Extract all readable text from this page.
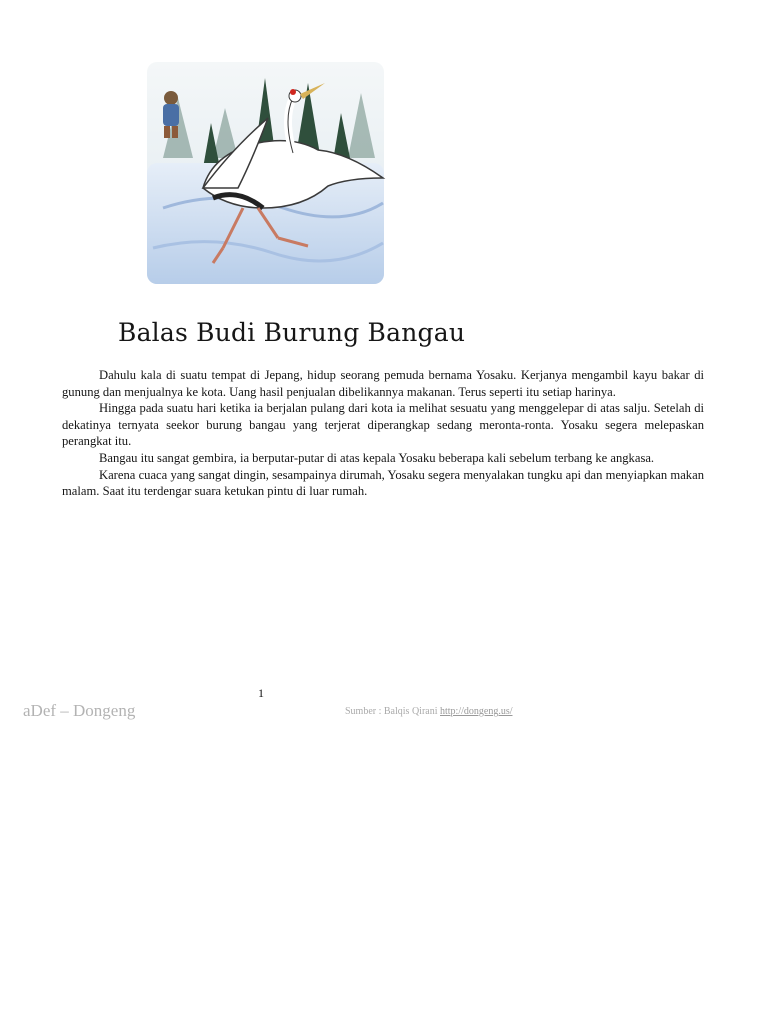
Balas Budi Burung Bangau

Dahulu kala di suatu tempat di Jepang, hidup seorang pemuda bernama Yosaku. Kerjanya mengambil kayu bakar di gunung dan menjualnya ke kota. Uang hasil penjualan dibelikannya makanan. Terus seperti itu setiap harinya.

Hingga pada suatu hari ketika ia berjalan pulang dari kota ia melihat sesuatu yang menggelepar di atas salju. Setelah di dekatinya ternyata seekor burung bangau yang terjerat diperangkap sedang meronta-ronta. Yosaku segera melepaskan perangkat itu.

Bangau itu sangat gembira, ia berputar-putar di atas kepala Yosaku beberapa kali sebelum terbang ke angkasa.

Karena cuaca yang sangat dingin, sesampainya dirumah, Yosaku segera menyalakan tungku api dan menyiapkan makan malam. Saat itu terdengar suara ketukan pintu di luar rumah.

1
aDef – Dongeng	Sumber : Balqis Qirani http://dongeng.us/
